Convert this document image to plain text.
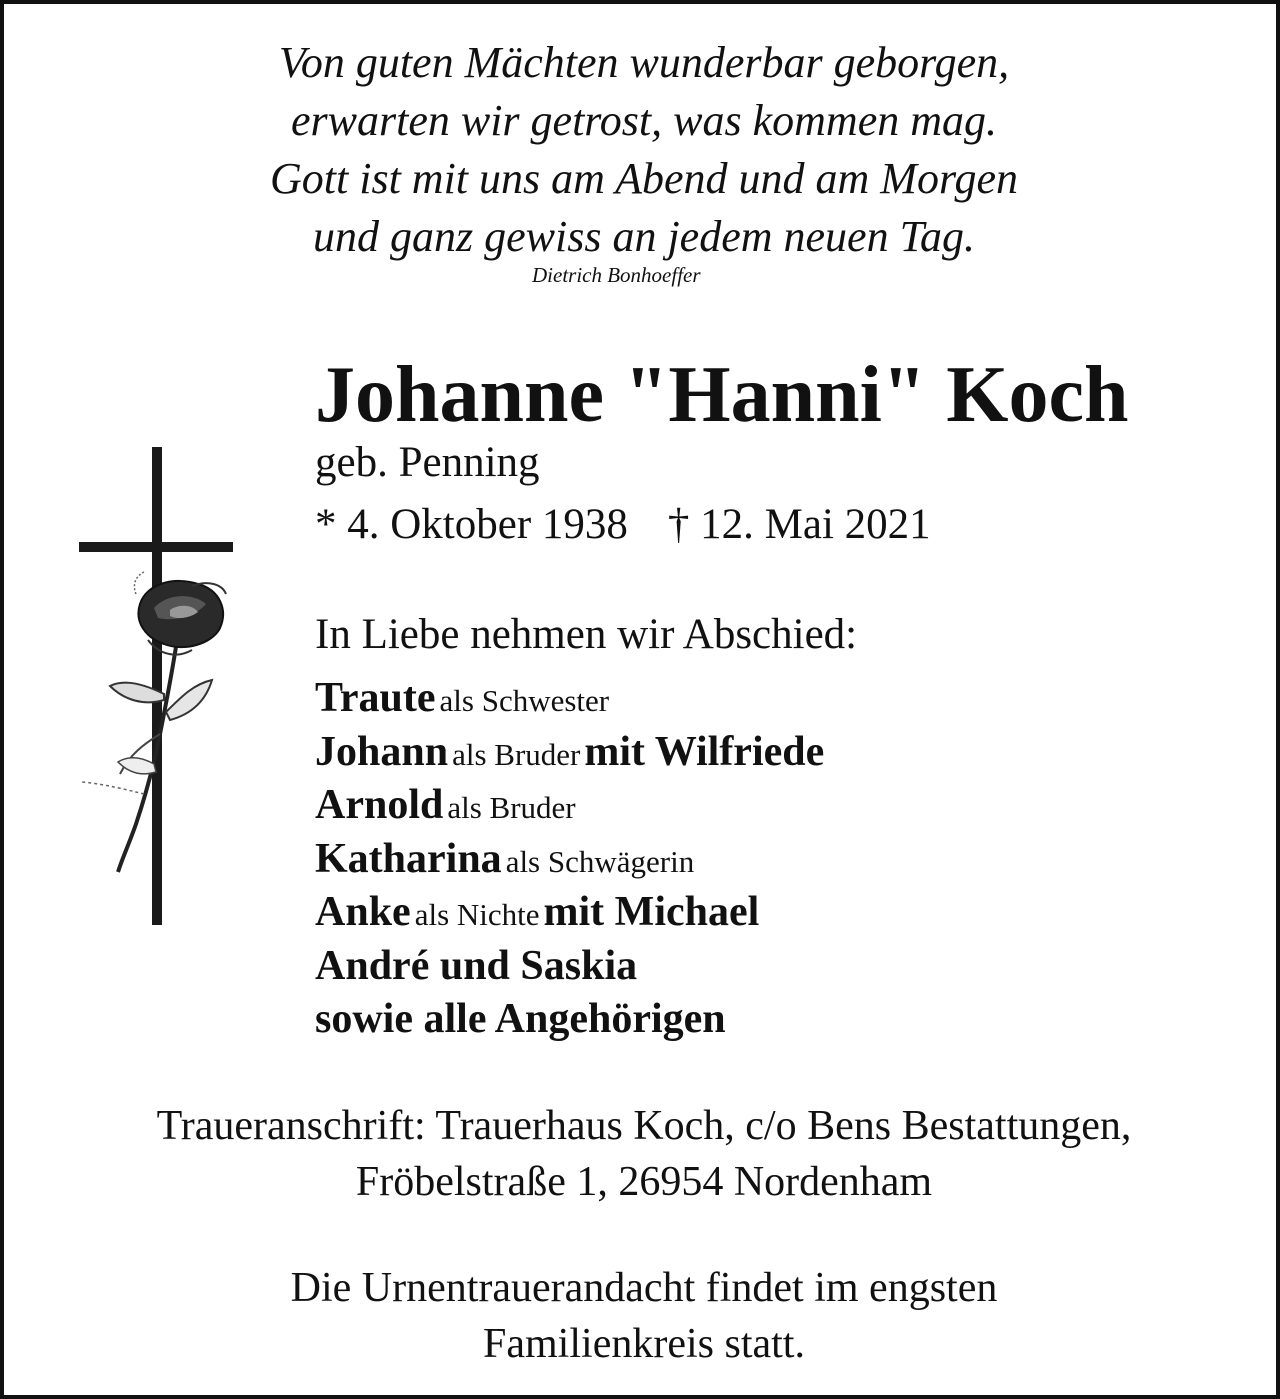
Von guten Mächten wunderbar geborgen,
erwarten wir getrost, was kommen mag.
Gott ist mit uns am Abend und am Morgen
und ganz gewiss an jedem neuen Tag.
Dietrich Bonhoeffer
Johanne "Hanni" Koch
geb. Penning
* 4. Oktober 1938 † 12. Mai 2021
In Liebe nehmen wir Abschied:
Traute als Schwester
Johann als Bruder mit Wilfriede
Arnold als Bruder
Katharina als Schwägerin
Anke als Nichte mit Michael
André und Saskia
sowie alle Angehörigen
Traueranschrift: Trauerhaus Koch, c/o Bens Bestattungen,
Fröbelstraße 1, 26954 Nordenham
Die Urnentrauerandacht findet im engsten
Familienkreis statt.
